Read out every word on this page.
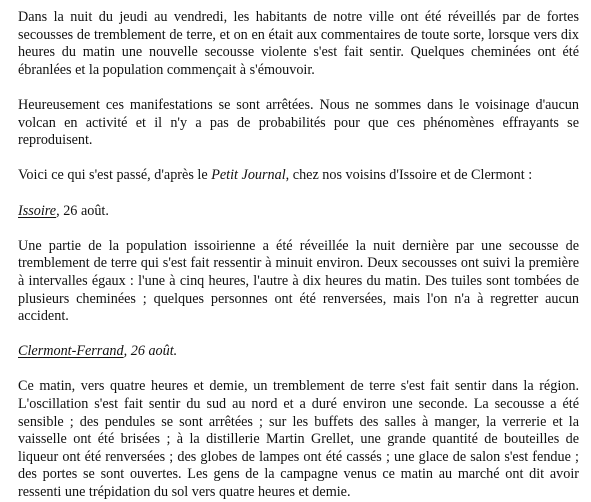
Dans la nuit du jeudi au vendredi, les habitants de notre ville ont été réveillés par de fortes secousses de tremblement de terre, et on en était aux commentaires de toute sorte, lorsque vers dix heures du matin une nouvelle secousse violente s'est fait sentir. Quelques cheminées ont été ébranlées et la population commençait à s'émouvoir.

Heureusement ces manifestations se sont arrêtées. Nous ne sommes dans le voisinage d'aucun volcan en activité et il n'y a pas de probabilités pour que ces phénomènes effrayants se reproduisent.

Voici ce qui s'est passé, d'après le Petit Journal, chez nos voisins d'Issoire et de Clermont :

Issoire, 26 août.

Une partie de la population issoirienne a été réveillée la nuit dernière par une secousse de tremblement de terre qui s'est fait ressentir à minuit environ. Deux secousses ont suivi la première à intervalles égaux : l'une à cinq heures, l'autre à dix heures du matin. Des tuiles sont tombées de plusieurs cheminées ; quelques personnes ont été renversées, mais l'on n'a à regretter aucun accident.

Clermont-Ferrand, 26 août.

Ce matin, vers quatre heures et demie, un tremblement de terre s'est fait sentir dans la région. L'oscillation s'est fait sentir du sud au nord et a duré environ une seconde. La secousse a été sensible ; des pendules se sont arrêtées ; sur les buffets des salles à manger, la verrerie et la vaisselle ont été brisées ; à la distillerie Martin Grellet, une grande quantité de bouteilles de liqueur ont été renversées ; des globes de lampes ont été cassés ; une glace de salon s'est fendue ; des portes se sont ouvertes. Les gens de la campagne venus ce matin au marché ont dit avoir ressenti une trépidation du sol vers quatre heures et demie.
